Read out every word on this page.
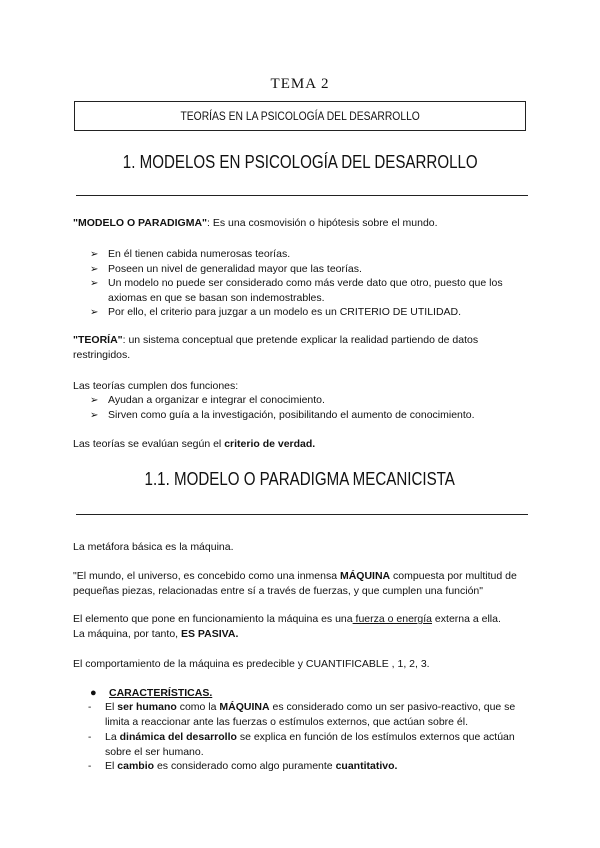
TEMA 2
TEORÍAS EN LA PSICOLOGÍA DEL DESARROLLO
1. MODELOS EN PSICOLOGÍA DEL DESARROLLO
"MODELO O PARADIGMA": Es una cosmovisión o hipótesis sobre el mundo.
➢ En él tienen cabida numerosas teorías.
➢ Poseen un nivel de generalidad mayor que las teorías.
➢ Un modelo no puede ser considerado como más verde dato que otro, puesto que los axiomas en que se basan son indemostrables.
➢ Por ello, el criterio para juzgar a un modelo es un CRITERIO DE UTILIDAD.
"TEORÍA": un sistema conceptual que pretende explicar la realidad partiendo de datos restringidos.
Las teorías cumplen dos funciones:
➢ Ayudan a organizar e integrar el conocimiento.
➢ Sirven como guía a la investigación, posibilitando el aumento de conocimiento.
Las teorías se evalúan según el criterio de verdad.
1.1. MODELO O PARADIGMA MECANICISTA
La metáfora básica es la máquina.
"El mundo, el universo, es concebido como una inmensa MÁQUINA compuesta por multitud de pequeñas piezas, relacionadas entre sí a través de fuerzas, y que cumplen una función"
El elemento que pone en funcionamiento la máquina es una fuerza o energía externa a ella.
La máquina, por tanto, ES PASIVA.
El comportamiento de la máquina es predecible y CUANTIFICABLE , 1, 2, 3.
●	CARACTERÍSTICAS.
-	El ser humano como la MÁQUINA es considerado como un ser pasivo-reactivo, que se limita a reaccionar ante las fuerzas o estímulos externos, que actúan sobre él.
-	La dinámica del desarrollo se explica en función de los estímulos externos que actúan sobre el ser humano.
-	El cambio es considerado como algo puramente cuantitativo.
